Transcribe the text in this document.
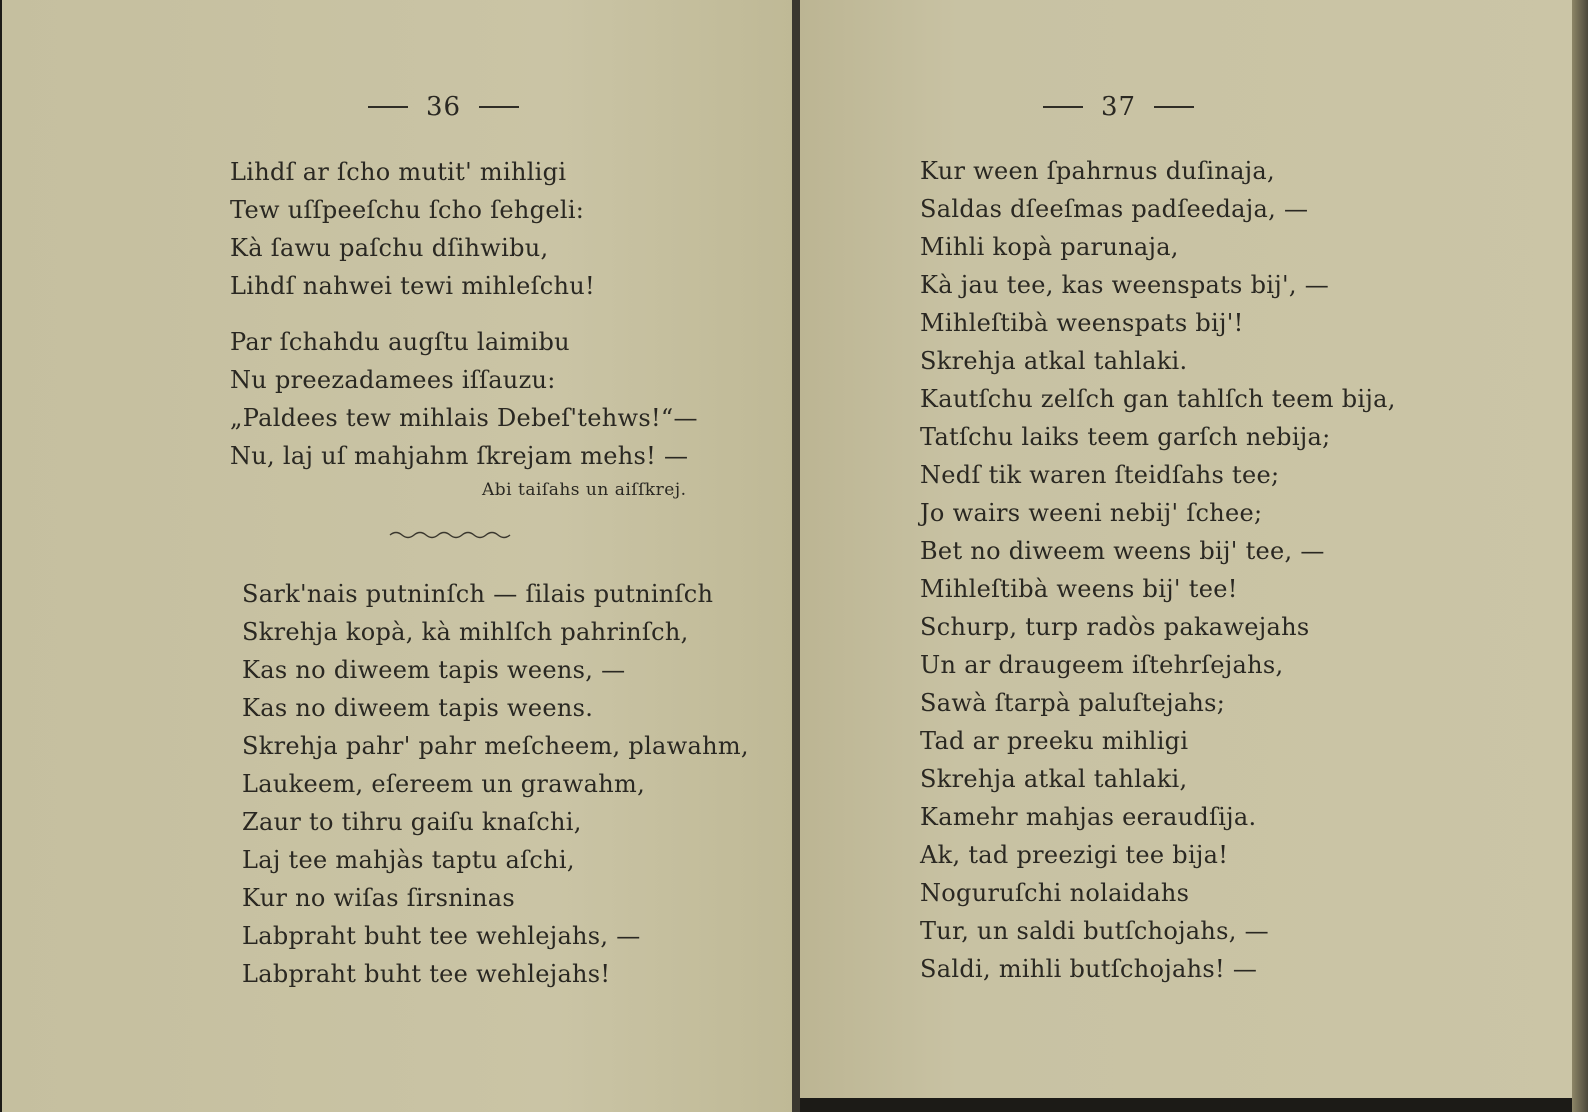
36
Lihdſ ar ſcho mutit' mihligi
Tew uſſpeeſchu ſcho ſehgeli:
Kà ſawu paſchu dſihwibu,
Lihdſ nahwei tewi mihleſchu!
Par ſchahdu augſtu laimibu
Nu preezadamees iſſauzu:
„Paldees tew mihlais Debeſ'tehws!“—
Nu, laj uſ mahjahm ſkrejam mehs! —
Abi taiſahs un aiſſkrej.
Sark'nais putninſch — ſilais putninſch
Skrehja kopà, kà mihlſch pahrinſch,
Kas no diweem tapis weens, —
Kas no diweem tapis weens.
Skrehja pahr' pahr meſcheem, plawahm,
Laukeem, eſereem un grawahm,
Zaur to tihru gaiſu knaſchi,
Laj tee mahjàs taptu aſchi,
Kur no wiſas ſirsninas
Labpraht buht tee wehlejahs, —
Labpraht buht tee wehlejahs!
37
Kur ween ſpahrnus duſinaja,
Saldas dſeeſmas padſeedaja, —
Mihli kopà parunaja,
Kà jau tee, kas weenspats bij', —
Mihleſtibà weenspats bij'!
Skrehja atkal tahlaki.
Kautſchu zelſch gan tahlſch teem bija,
Tatſchu laiks teem garſch nebija;
Nedſ tik waren ſteidſahs tee;
Jo wairs weeni nebij' ſchee;
Bet no diweem weens bij' tee, —
Mihleſtibà weens bij' tee!
Schurp, turp radòs pakawejahs
Un ar draugeem iſtehrſejahs,
Sawà ſtarpà paluſtejahs;
Tad ar preeku mihligi
Skrehja atkal tahlaki,
Kamehr mahjas eeraudſija.
Ak, tad preezigi tee bija!
Noguruſchi nolaidahs
Tur, un saldi butſchojahs, —
Saldi, mihli butſchojahs! —
